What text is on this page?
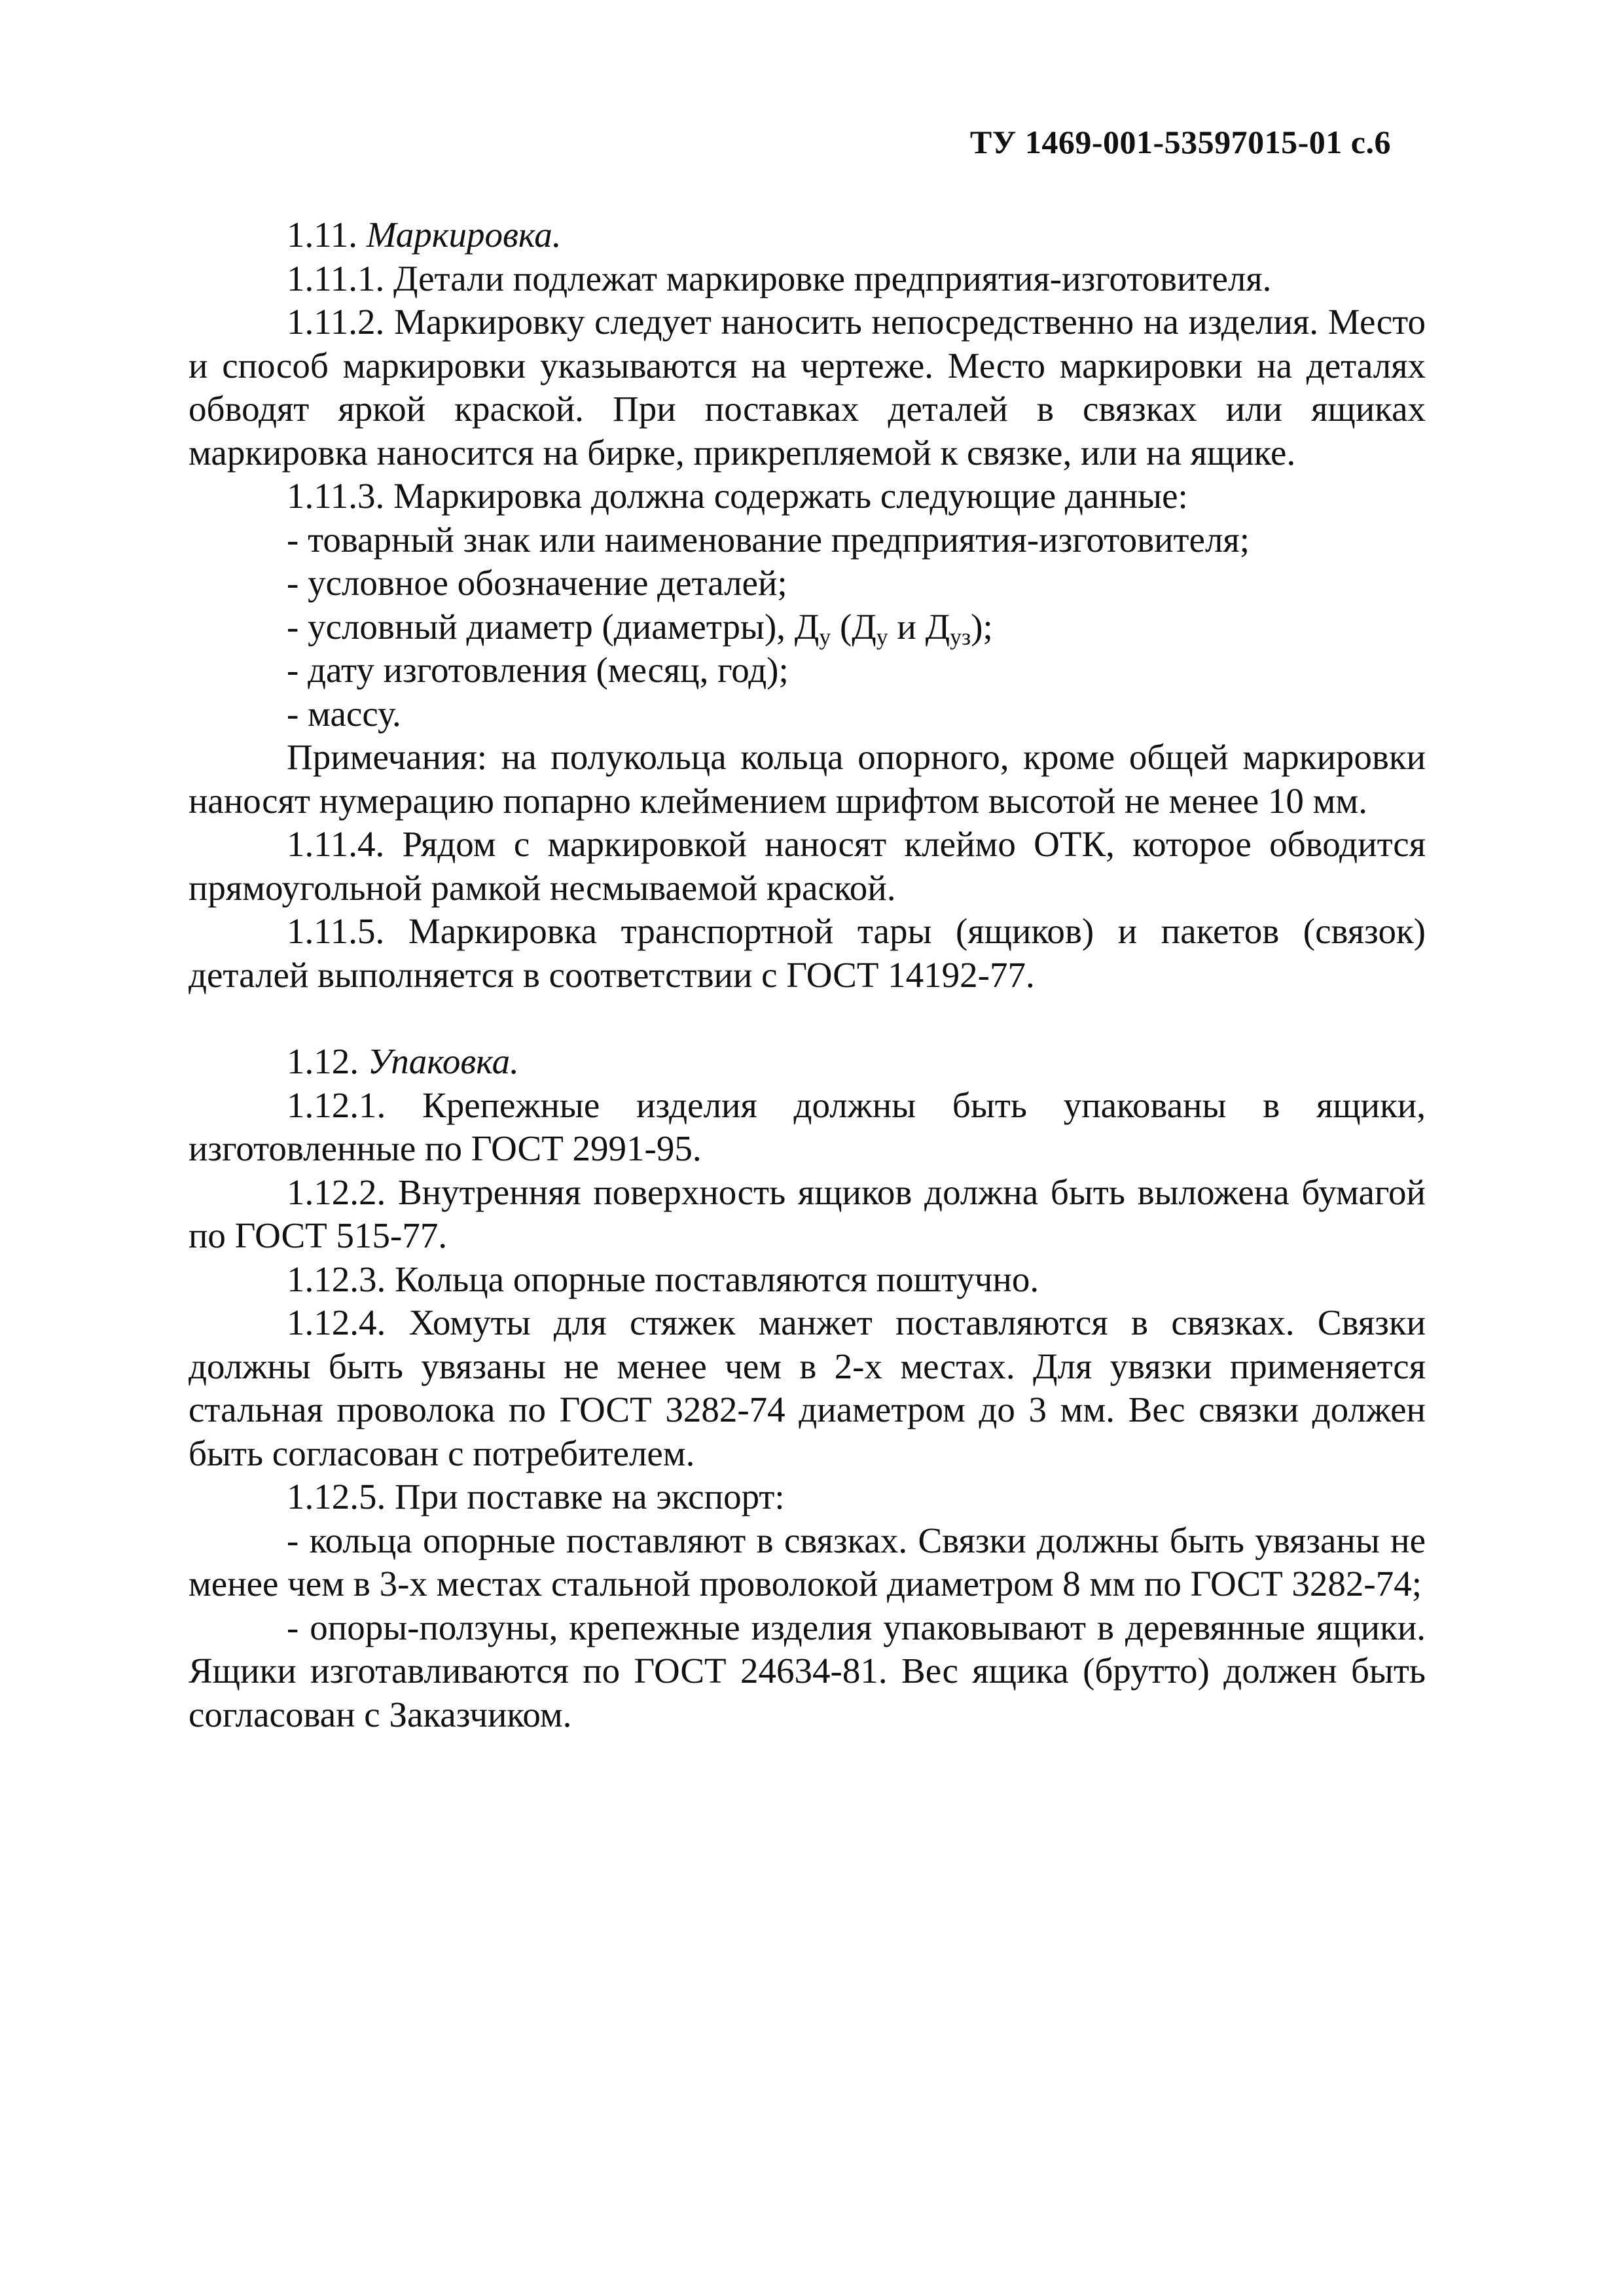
ТУ 1469-001-53597015-01 с.6

1.11. Маркировка.

1.11.1. Детали подлежат маркировке предприятия-изготовителя.

1.11.2. Маркировку следует наносить непосредственно на изделия. Место и способ маркировки указываются на чертеже. Место маркировки на деталях обводят яркой краской. При поставках деталей в связках или ящиках маркировка наносится на бирке, прикрепляемой к связке, или на ящике.

1.11.3. Маркировка должна содержать следующие данные:

- товарный знак или наименование предприятия-изготовителя;

- условное обозначение деталей;

- условный диаметр (диаметры), $Д_у$ ($Д_у$ и $Д_{уз}$);

- дату изготовления (месяц, год);

- массу.

Примечания: на полукольца кольца опорного, кроме общей маркировки наносят нумерацию попарно клеймением шрифтом высотой не менее 10 мм.

1.11.4. Рядом с маркировкой наносят клеймо ОТК, которое обводится прямоугольной рамкой несмываемой краской.

1.11.5. Маркировка транспортной тары (ящиков) и пакетов (связок) деталей выполняется в соответствии с ГОСТ 14192-77.

1.12. Упаковка.

1.12.1. Крепежные изделия должны быть упакованы в ящики, изготовленные по ГОСТ 2991-95.

1.12.2. Внутренняя поверхность ящиков должна быть выложена бумагой по ГОСТ 515-77.

1.12.3. Кольца опорные поставляются поштучно.

1.12.4. Хомуты для стяжек манжет поставляются в связках. Связки должны быть увязаны не менее чем в 2-х местах. Для увязки применяется стальная проволока по ГОСТ 3282-74 диаметром до 3 мм. Вес связки должен быть согласован с потребителем.

1.12.5. При поставке на экспорт:

- кольца опорные поставляют в связках. Связки должны быть увязаны не менее чем в 3-х местах стальной проволокой диаметром 8 мм по ГОСТ 3282-74;

- опоры-ползуны, крепежные изделия упаковывают в деревянные ящики. Ящики изготавливаются по ГОСТ 24634-81. Вес ящика (брутто) должен быть согласован с Заказчиком.
